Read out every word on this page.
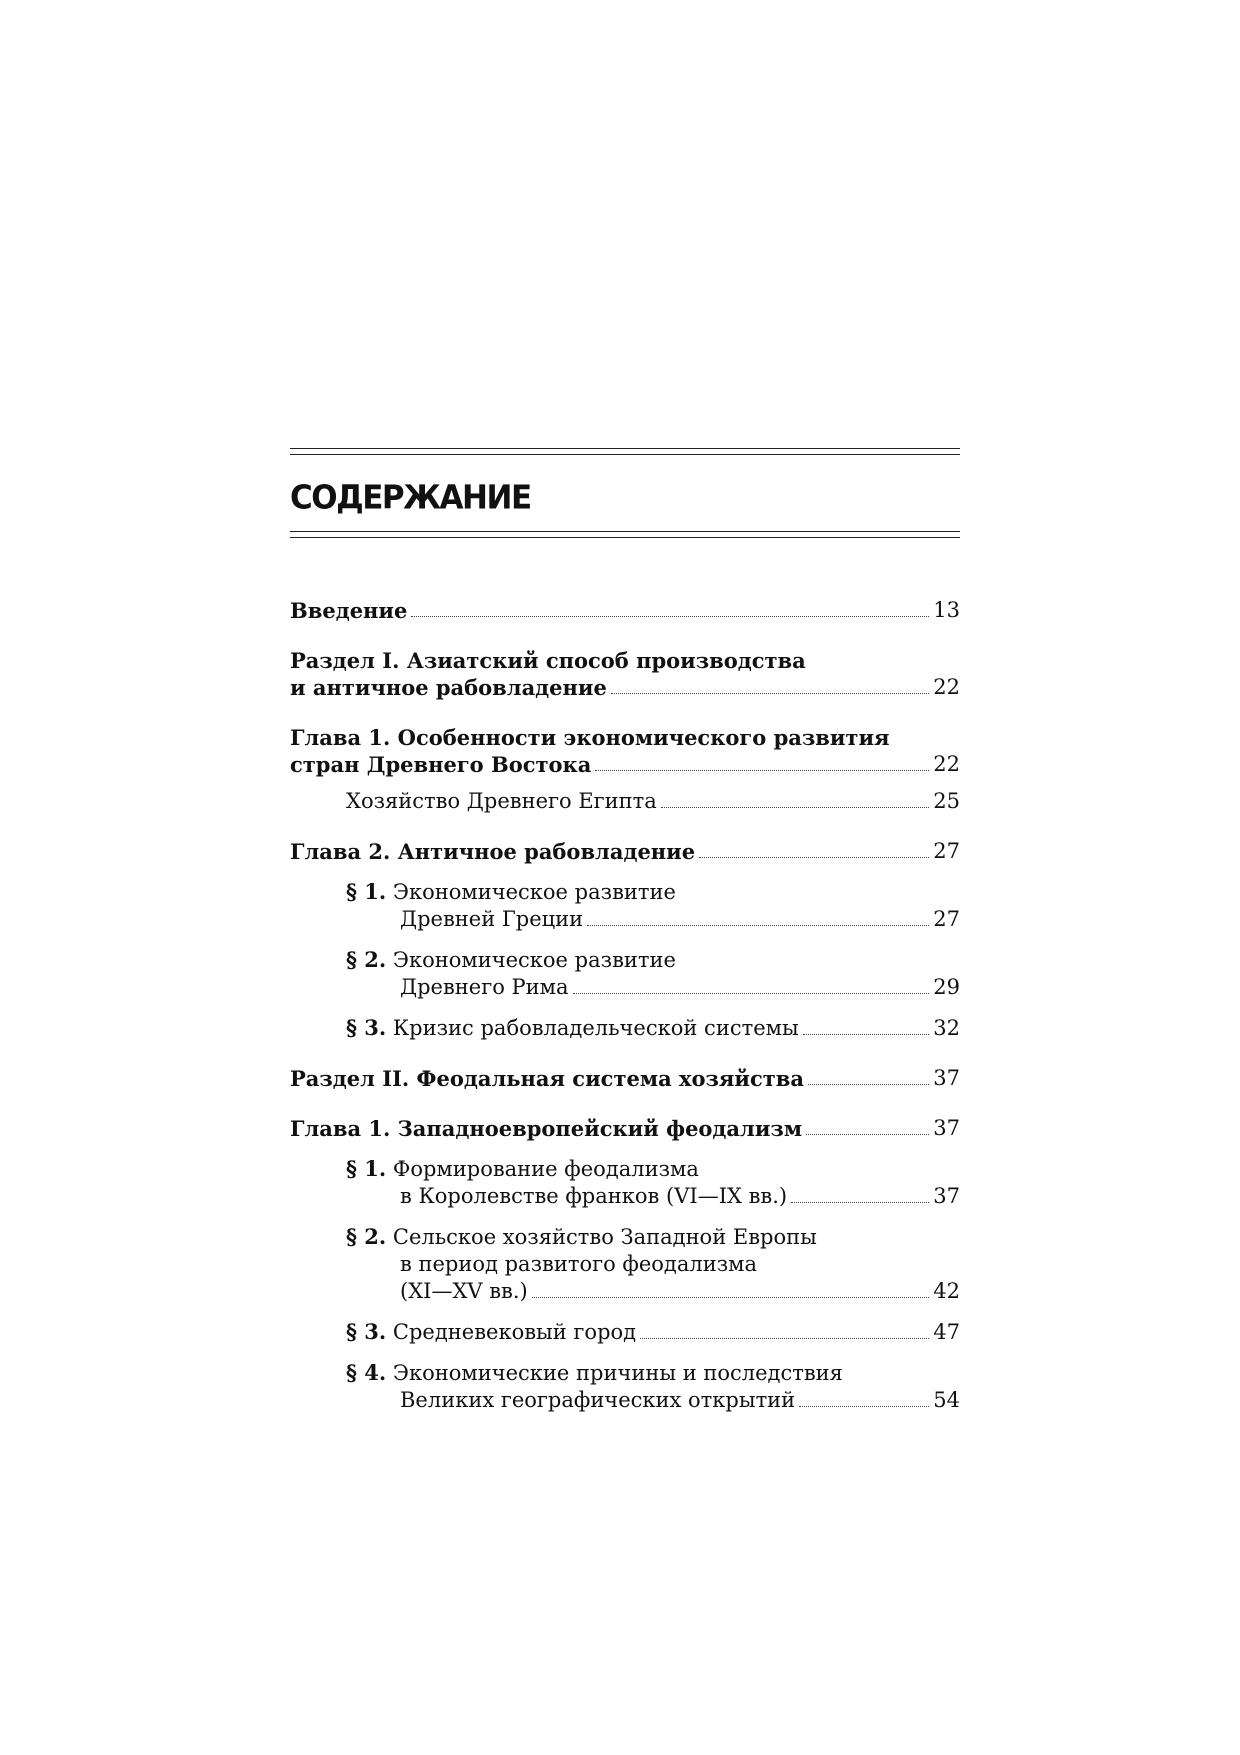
СОДЕРЖАНИЕ
Введение	13
Раздел I. Азиатский способ производства
и античное рабовладение	22
Глава 1. Особенности экономического развития
стран Древнего Востока	22
Хозяйство Древнего Египта	25
Глава 2. Античное рабовладение	27
§ 1. Экономическое развитие
Древней Греции	27
§ 2. Экономическое развитие
Древнего Рима	29
§ 3. Кризис рабовладельческой системы	32
Раздел II. Феодальная система хозяйства	37
Глава 1. Западноевропейский феодализм	37
§ 1. Формирование феодализма
в Королевстве франков (VI—IX вв.)	37
§ 2. Сельское хозяйство Западной Европы
в период развитого феодализма
(XI—XV вв.)	42
§ 3. Средневековый город	47
§ 4. Экономические причины и последствия
Великих географических открытий	54
